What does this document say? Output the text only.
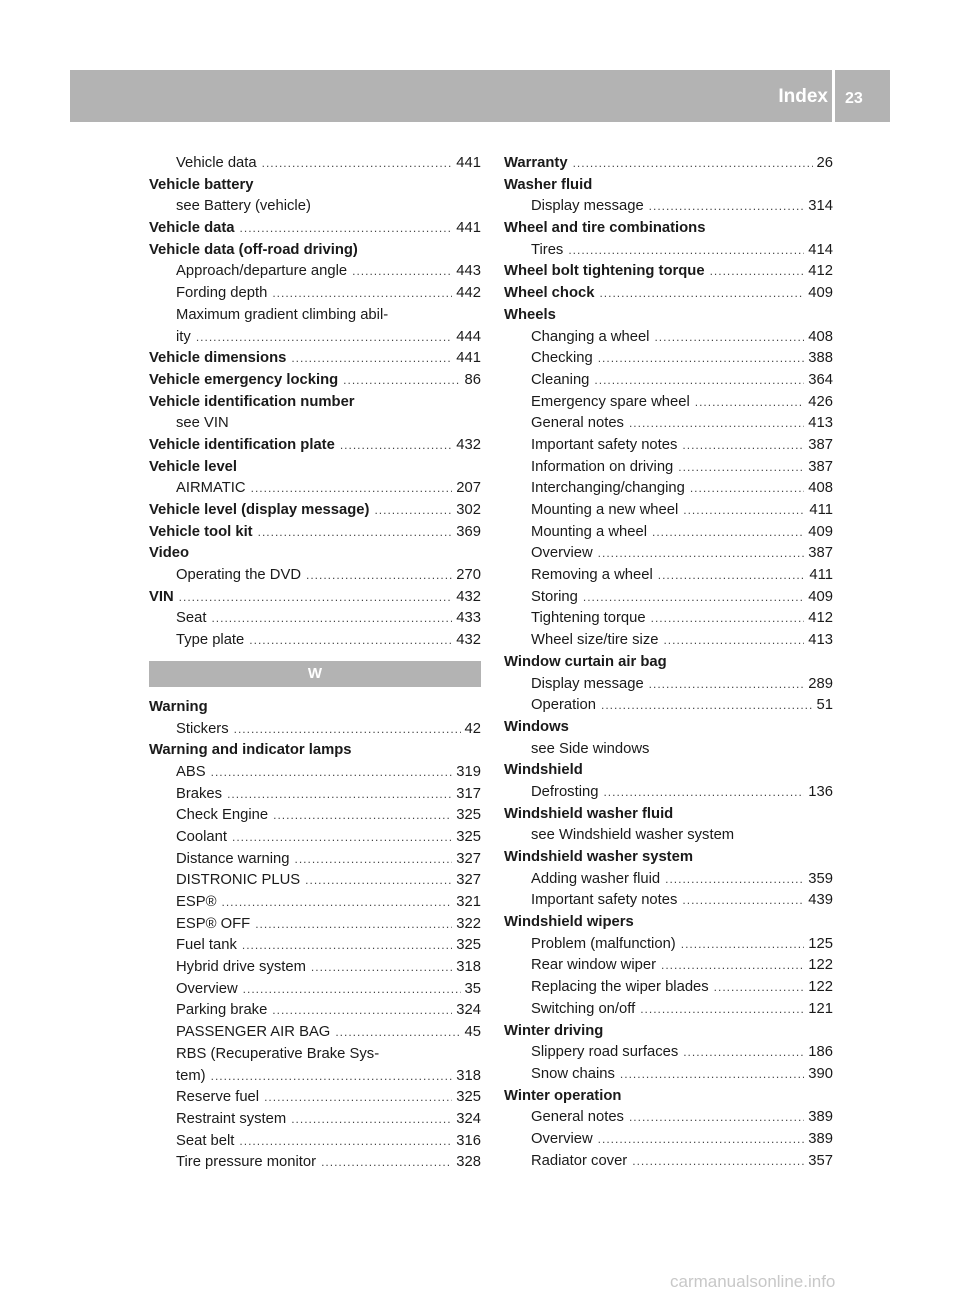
Index 23
Vehicle data .....	441
Vehicle battery
see Battery (vehicle)
Vehicle data .....	441
Vehicle data (off-road driving)
Approach/departure angle .....	443
Fording depth .....	442
Maximum gradient climbing abil-
ity .....	444
Vehicle dimensions .....	441
Vehicle emergency locking .....	86
Vehicle identification number
see VIN
Vehicle identification plate .....	432
Vehicle level
AIRMATIC .....	207
Vehicle level (display message) .....	302
Vehicle tool kit .....	369
Video
Operating the DVD .....	270
VIN .....	432
Seat .....	433
Type plate .....	432
W
Warning
Stickers .....	42
Warning and indicator lamps
ABS .....	319
Brakes .....	317
Check Engine .....	325
Coolant .....	325
Distance warning .....	327
DISTRONIC PLUS .....	327
ESP® .....	321
ESP® OFF .....	322
Fuel tank .....	325
Hybrid drive system .....	318
Overview .....	35
Parking brake .....	324
PASSENGER AIR BAG .....	45
RBS (Recuperative Brake Sys-
tem) .....	318
Reserve fuel .....	325
Restraint system .....	324
Seat belt .....	316
Tire pressure monitor .....	328
Warranty .....	26
Washer fluid
Display message .....	314
Wheel and tire combinations
Tires .....	414
Wheel bolt tightening torque .....	412
Wheel chock .....	409
Wheels
Changing a wheel .....	408
Checking .....	388
Cleaning .....	364
Emergency spare wheel .....	426
General notes .....	413
Important safety notes .....	387
Information on driving .....	387
Interchanging/changing .....	408
Mounting a new wheel .....	411
Mounting a wheel .....	409
Overview .....	387
Removing a wheel .....	411
Storing .....	409
Tightening torque .....	412
Wheel size/tire size .....	413
Window curtain air bag
Display message .....	289
Operation .....	51
Windows
see Side windows
Windshield
Defrosting .....	136
Windshield washer fluid
see Windshield washer system
Windshield washer system
Adding washer fluid .....	359
Important safety notes .....	439
Windshield wipers
Problem (malfunction) .....	125
Rear window wiper .....	122
Replacing the wiper blades .....	122
Switching on/off .....	121
Winter driving
Slippery road surfaces .....	186
Snow chains .....	390
Winter operation
General notes .....	389
Overview .....	389
Radiator cover .....	357
carmanualsonline.info
